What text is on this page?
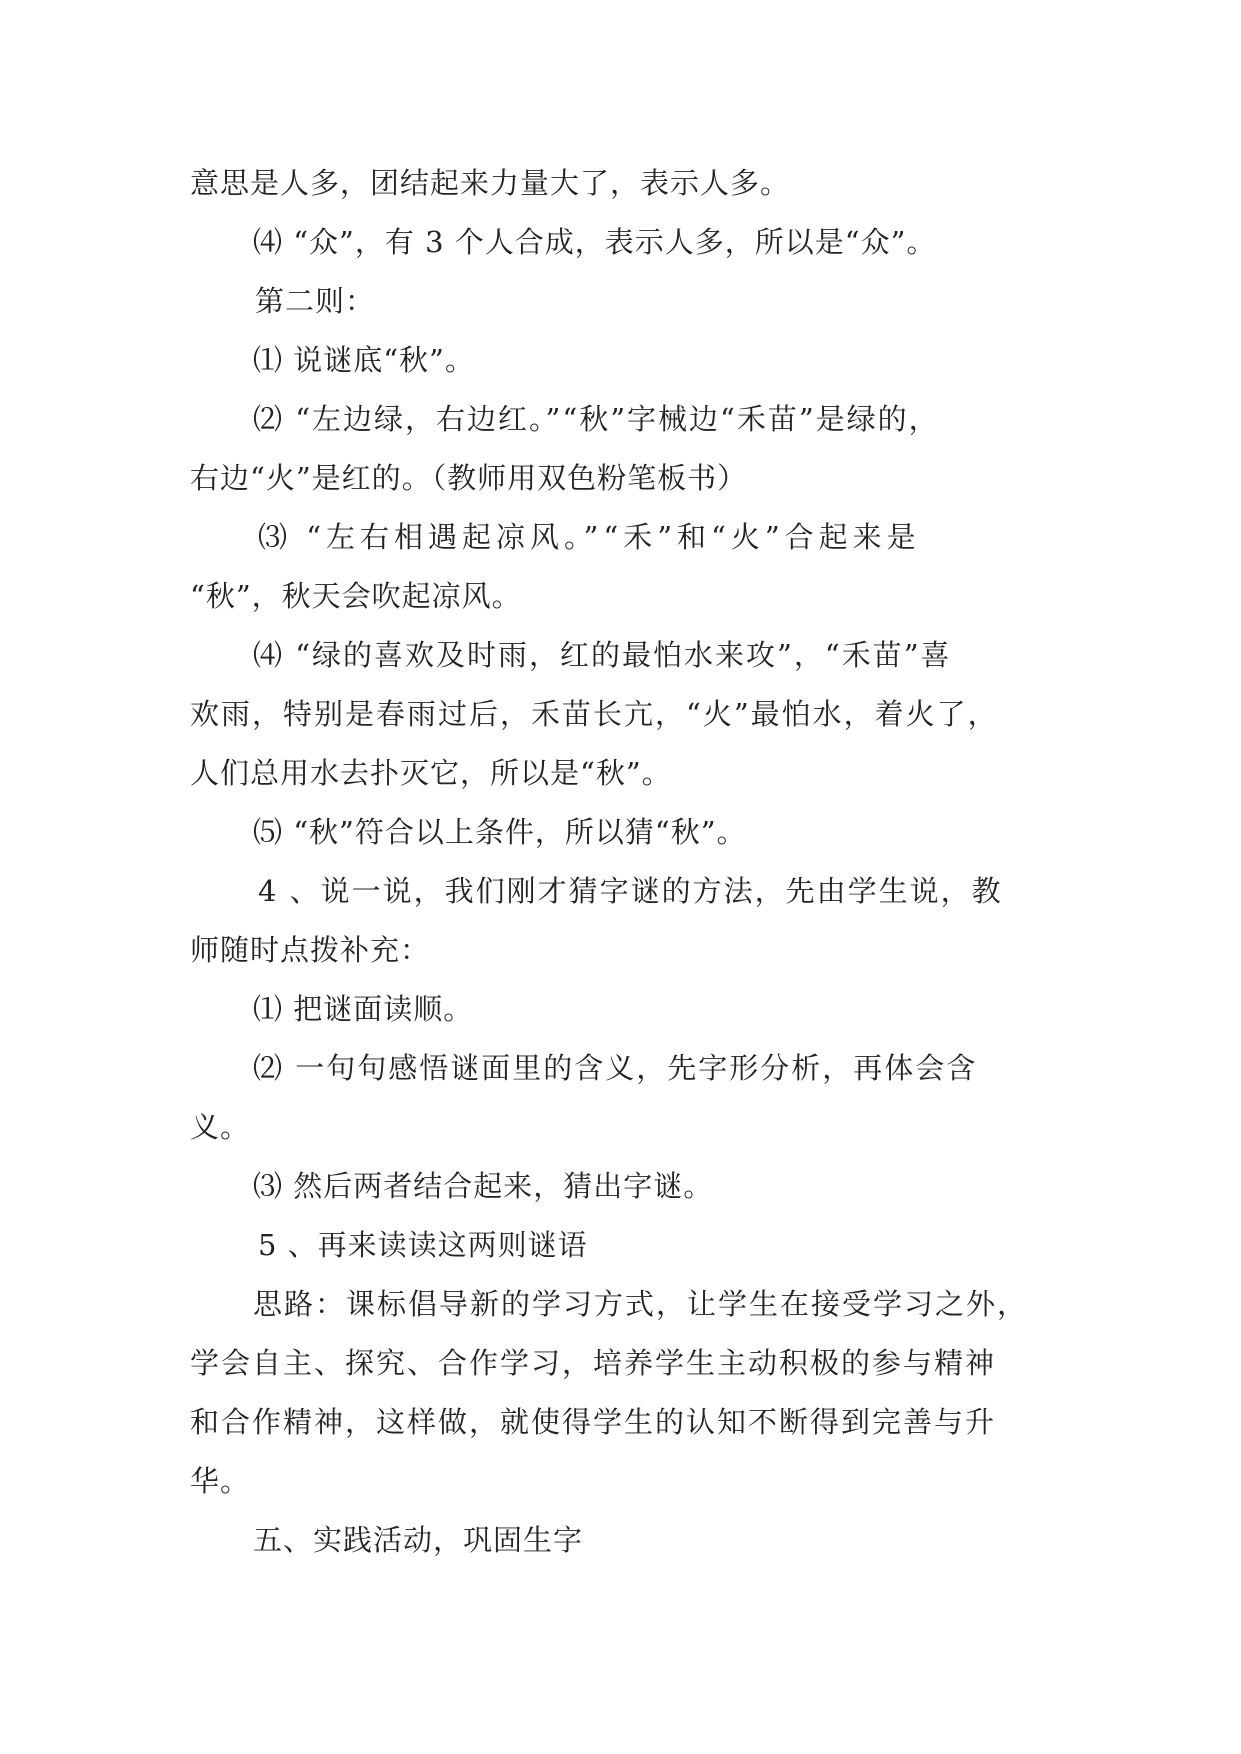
意思是人多，团结起来力量大了，表示人多。
⑷ “众”，有 3 个人合成，表示人多，所以是“众”。
第二则：
⑴ 说谜底“秋”。
⑵ “左边绿，右边红。”“秋”字械边“禾苗”是绿的，
右边“火”是红的。（教师用双色粉笔板书）
⑶ “左右相遇起凉风。”“禾”和“火”合起来是
“秋”，秋天会吹起凉风。
⑷ “绿的喜欢及时雨，红的最怕水来攻”，“禾苗”喜
欢雨，特别是春雨过后，禾苗长亢，“火”最怕水，着火了，
人们总用水去扑灭它，所以是“秋”。
⑸ “秋”符合以上条件，所以猜“秋”。
4 、说一说，我们刚才猜字谜的方法，先由学生说，教
师随时点拨补充：
⑴ 把谜面读顺。
⑵ 一句句感悟谜面里的含义，先字形分析，再体会含
义。
⑶ 然后两者结合起来，猜出字谜。
5 、再来读读这两则谜语
思路：课标倡导新的学习方式，让学生在接受学习之外，
学会自主、探究、合作学习，培养学生主动积极的参与精神
和合作精神，这样做，就使得学生的认知不断得到完善与升
华。
五、实践活动，巩固生字
